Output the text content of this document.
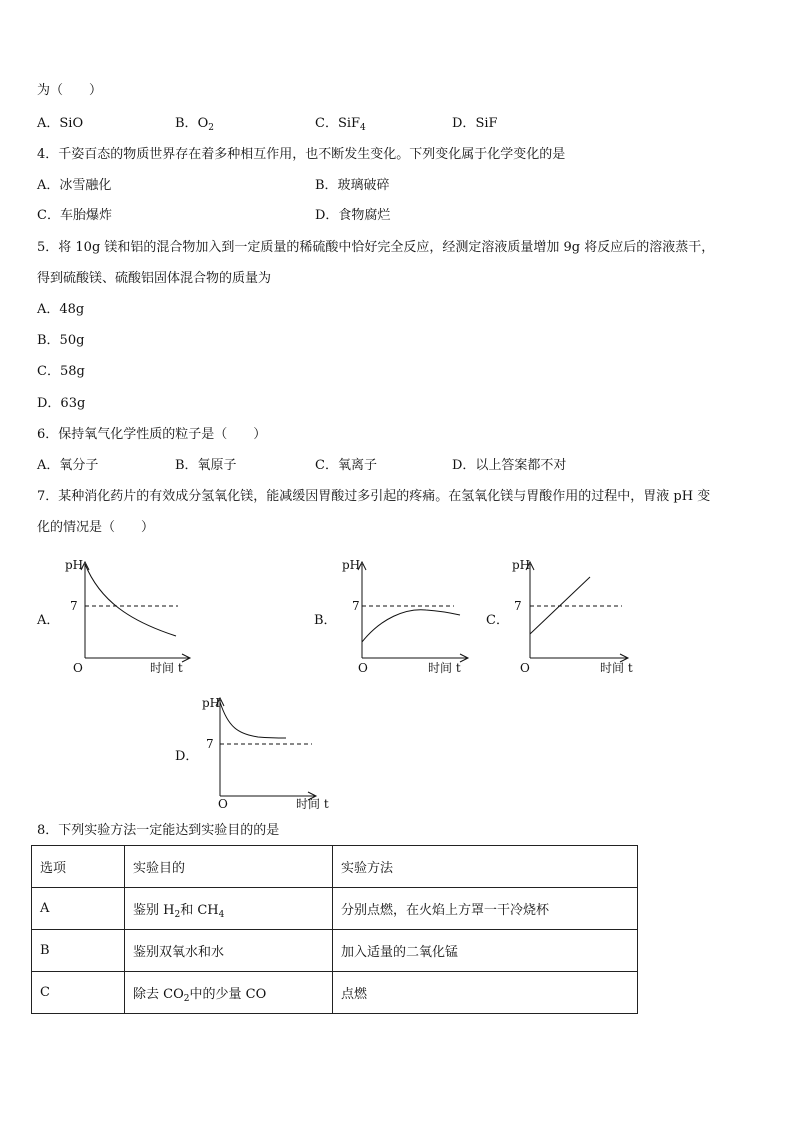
为（　　）
A．SiO	B．$O_2$	C．SiF$_4$	D．SiF
4．千姿百态的物质世界存在着多种相互作用，也不断发生变化。下列变化属于化学变化的是
A．冰雪融化	B．玻璃破碎
C．车胎爆炸	D．食物腐烂
5．将 10g 镁和铝的混合物加入到一定质量的稀硫酸中恰好完全反应，经测定溶液质量增加 9g 将反应后的溶液蒸干，
得到硫酸镁、硫酸铝固体混合物的质量为
A．48g
B．50g
C．58g
D．63g
6．保持氧气化学性质的粒子是（　　）
A．氧分子	B．氧原子	C．氧离子	D．以上答案都不对
7．某种消化药片的有效成分氢氧化镁，能减缓因胃酸过多引起的疼痛。在氢氧化镁与胃酸作用的过程中，胃液 pH 变
化的情况是（　　）
A．
pH
7
O	时间 t
B．
pH
7
O	时间 t
C．
pH
7
O	时间 t
D．
pH
7
O	时间 t
8．下列实验方法一定能达到实验目的的是
选项	实验目的	实验方法
A	鉴别 $H_2$和 $CH_4$	分别点燃，在火焰上方罩一干冷烧杯
B	鉴别双氧水和水	加入适量的二氧化锰
C	除去 $CO_2$中的少量 CO	点燃
